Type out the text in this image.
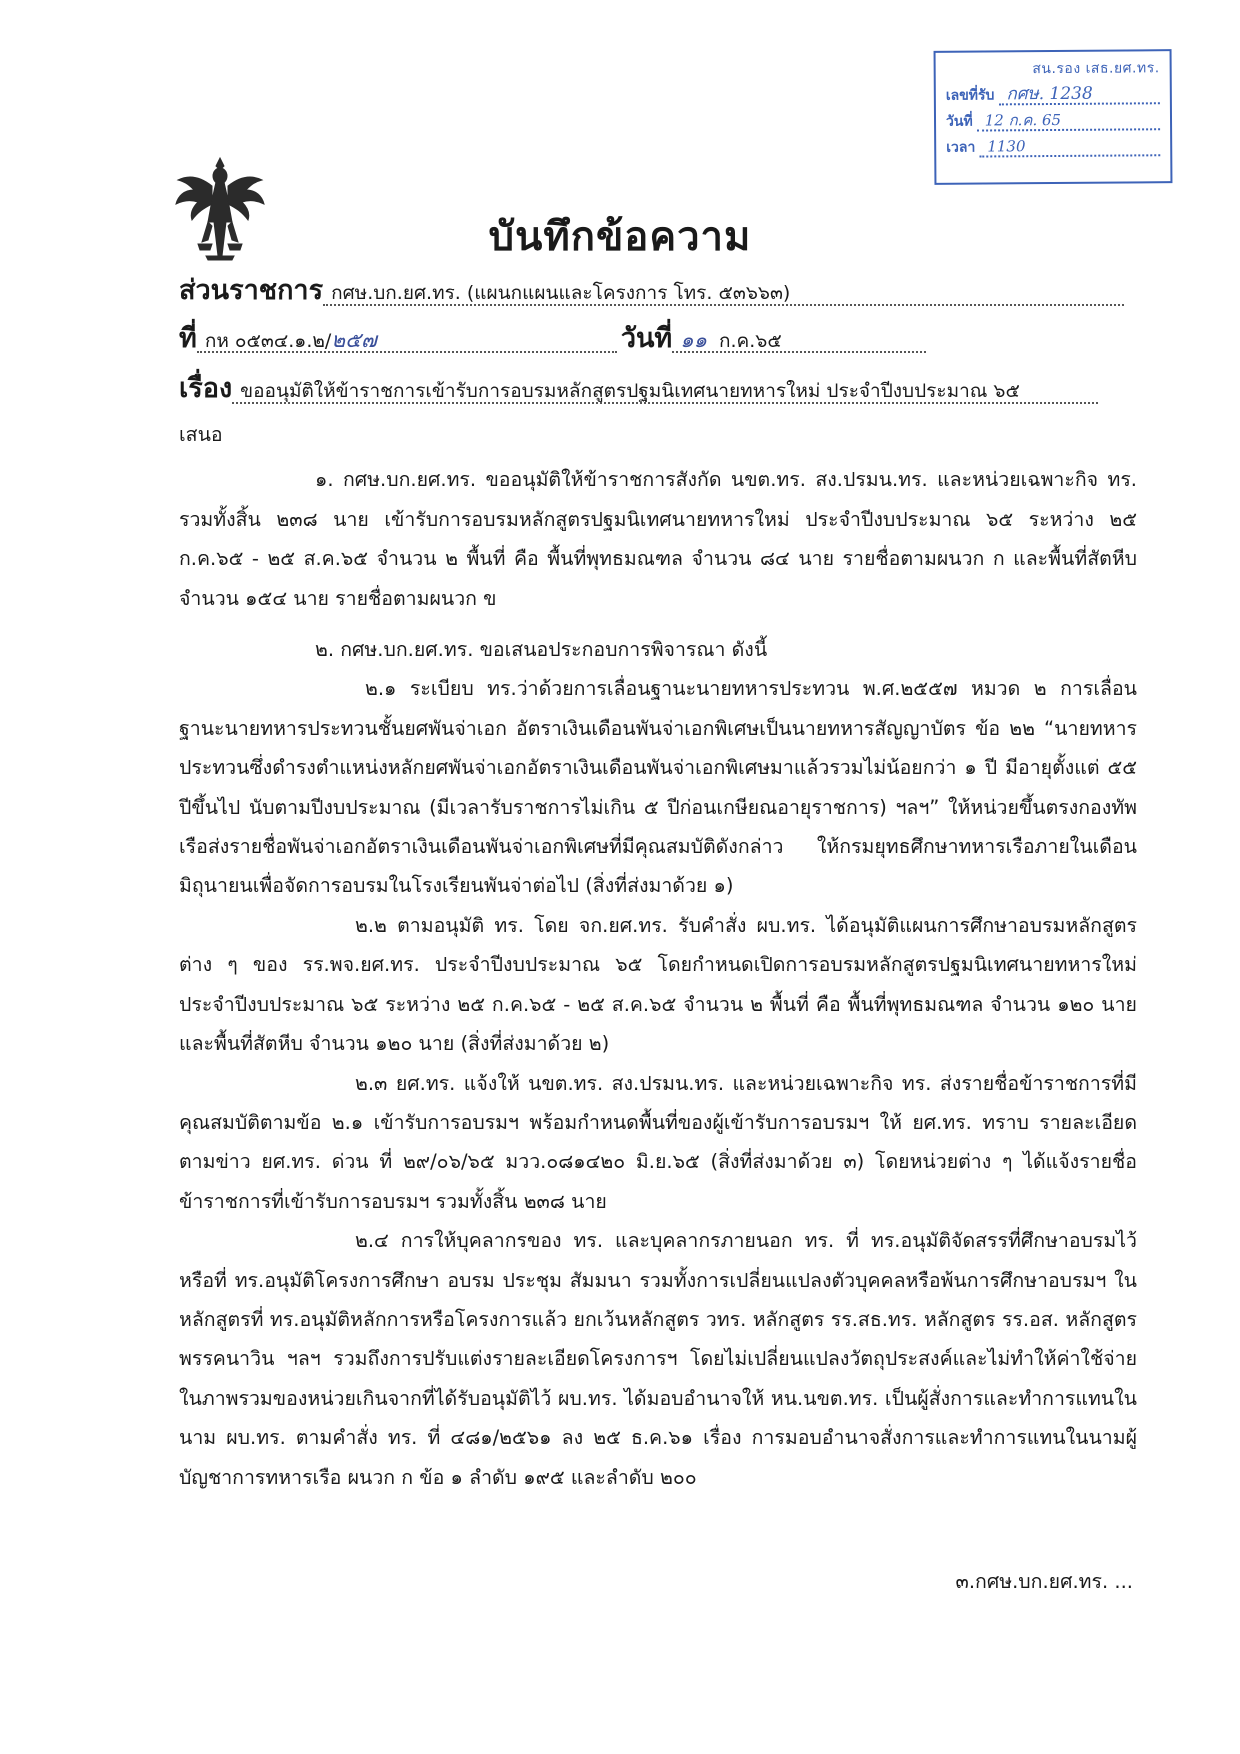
สน.รอง เสธ.ยศ.ทร.
เลขที่รับ กศษ. 1238
วันที่ 12 ก.ค. 65
เวลา 1130
บันทึกข้อความ
ส่วนราชการ กศษ.บก.ยศ.ทร. (แผนกแผนและโครงการ โทร. ๕๓๖๖๓)
ที่ กห ๐๕๓๔.๑.๒/๒๕๗	วันที่ ๑๑ ก.ค.๖๕
เรื่อง ขออนุมัติให้ข้าราชการเข้ารับการอบรมหลักสูตรปฐมนิเทศนายทหารใหม่ ประจำปีงบประมาณ ๖๕

เสนอ

๑. กศษ.บก.ยศ.ทร. ขออนุมัติให้ข้าราชการสังกัด นขต.ทร. สง.ปรมน.ทร. และหน่วยเฉพาะกิจ ทร. รวมทั้งสิ้น ๒๓๘ นาย เข้ารับการอบรมหลักสูตรปฐมนิเทศนายทหารใหม่ ประจำปีงบประมาณ ๖๕ ระหว่าง ๒๕ ก.ค.๖๕ - ๒๕ ส.ค.๖๕ จำนวน ๒ พื้นที่ คือ พื้นที่พุทธมณฑล จำนวน ๘๔ นาย รายชื่อตามผนวก ก และพื้นที่สัตหีบ จำนวน ๑๕๔ นาย รายชื่อตามผนวก ข

๒. กศษ.บก.ยศ.ทร. ขอเสนอประกอบการพิจารณา ดังนี้

๒.๑ ระเบียบ ทร.ว่าด้วยการเลื่อนฐานะนายทหารประทวน พ.ศ.๒๕๕๗ หมวด ๒ การเลื่อนฐานะนายทหารประทวนชั้นยศพันจ่าเอก อัตราเงินเดือนพันจ่าเอกพิเศษเป็นนายทหารสัญญาบัตร ข้อ ๒๒ “นายทหารประทวนซึ่งดำรงตำแหน่งหลักยศพันจ่าเอกอัตราเงินเดือนพันจ่าเอกพิเศษมาแล้วรวมไม่น้อยกว่า ๑ ปี มีอายุตั้งแต่ ๕๕ ปีขึ้นไป นับตามปีงบประมาณ (มีเวลารับราชการไม่เกิน ๕ ปีก่อนเกษียณอายุราชการ) ฯลฯ” ให้หน่วยขึ้นตรงกองทัพเรือส่งรายชื่อพันจ่าเอกอัตราเงินเดือนพันจ่าเอกพิเศษที่มีคุณสมบัติดังกล่าว ให้กรมยุทธศึกษาทหารเรือภายในเดือนมิถุนายนเพื่อจัดการอบรมในโรงเรียนพันจ่าต่อไป (สิ่งที่ส่งมาด้วย ๑)

๒.๒ ตามอนุมัติ ทร. โดย จก.ยศ.ทร. รับคำสั่ง ผบ.ทร. ได้อนุมัติแผนการศึกษาอบรมหลักสูตรต่าง ๆ ของ รร.พจ.ยศ.ทร. ประจำปีงบประมาณ ๖๕ โดยกำหนดเปิดการอบรมหลักสูตรปฐมนิเทศนายทหารใหม่ ประจำปีงบประมาณ ๖๕ ระหว่าง ๒๕ ก.ค.๖๕ - ๒๕ ส.ค.๖๕ จำนวน ๒ พื้นที่ คือ พื้นที่พุทธมณฑล จำนวน ๑๒๐ นาย และพื้นที่สัตหีบ จำนวน ๑๒๐ นาย (สิ่งที่ส่งมาด้วย ๒)

๒.๓ ยศ.ทร. แจ้งให้ นขต.ทร. สง.ปรมน.ทร. และหน่วยเฉพาะกิจ ทร. ส่งรายชื่อข้าราชการที่มีคุณสมบัติตามข้อ ๒.๑ เข้ารับการอบรมฯ พร้อมกำหนดพื้นที่ของผู้เข้ารับการอบรมฯ ให้ ยศ.ทร. ทราบ รายละเอียดตามข่าว ยศ.ทร. ด่วน ที่ ๒๙/๐๖/๖๕ มวว.๐๘๑๔๒๐ มิ.ย.๖๕ (สิ่งที่ส่งมาด้วย ๓) โดยหน่วยต่าง ๆ ได้แจ้งรายชื่อข้าราชการที่เข้ารับการอบรมฯ รวมทั้งสิ้น ๒๓๘ นาย

๒.๔ การให้บุคลากรของ ทร. และบุคลากรภายนอก ทร. ที่ ทร.อนุมัติจัดสรรที่ศึกษาอบรมไว้หรือที่ ทร.อนุมัติโครงการศึกษา อบรม ประชุม สัมมนา รวมทั้งการเปลี่ยนแปลงตัวบุคคลหรือพ้นการศึกษาอบรมฯ ในหลักสูตรที่ ทร.อนุมัติหลักการหรือโครงการแล้ว ยกเว้นหลักสูตร วทร. หลักสูตร รร.สธ.ทร. หลักสูตร รร.อส. หลักสูตรพรรคนาวิน ฯลฯ รวมถึงการปรับแต่งรายละเอียดโครงการฯ โดยไม่เปลี่ยนแปลงวัตถุประสงค์และไม่ทำให้ค่าใช้จ่ายในภาพรวมของหน่วยเกินจากที่ได้รับอนุมัติไว้ ผบ.ทร. ได้มอบอำนาจให้ หน.นขต.ทร. เป็นผู้สั่งการและทำการแทนในนาม ผบ.ทร. ตามคำสั่ง ทร. ที่ ๔๘๑/๒๕๖๑ ลง ๒๕ ธ.ค.๖๑ เรื่อง การมอบอำนาจสั่งการและทำการแทนในนามผู้บัญชาการทหารเรือ ผนวก ก ข้อ ๑ ลำดับ ๑๙๕ และลำดับ ๒๐๐

๓.กศษ.บก.ยศ.ทร. ...
